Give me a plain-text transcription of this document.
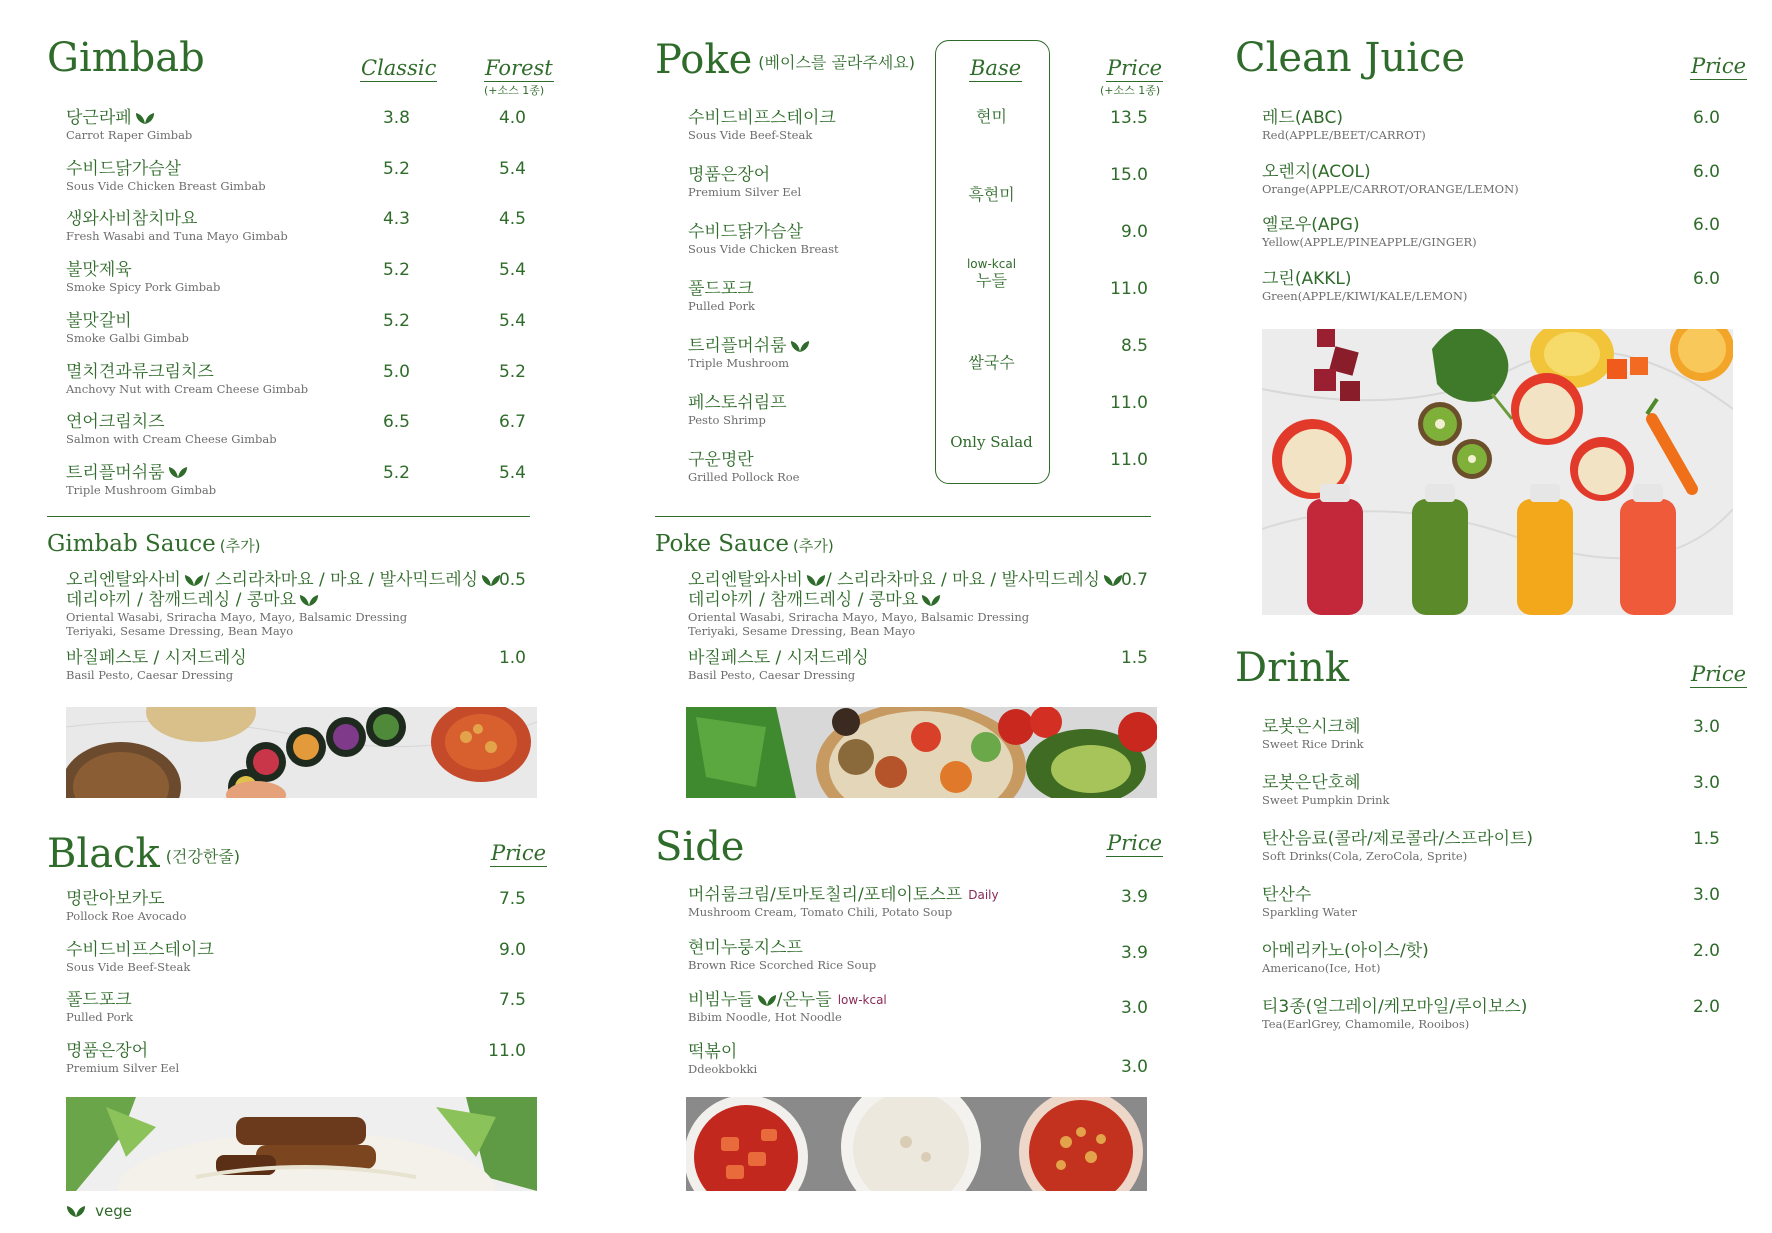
Gimbab	Classic Forest
(+소스 1종)
당근라페
Carrot Raper Gimbab
3.8	4.0
수비드닭가슴살
Sous Vide Chicken Breast Gimbab
5.2	5.4
생와사비참치마요
Fresh Wasabi and Tuna Mayo Gimbab
4.3	4.5
불맛제육
Smoke Spicy Pork Gimbab
5.2	5.4
불맛갈비
Smoke Galbi Gimbab
5.2	5.4
멸치견과류크림치즈
Anchovy Nut with Cream Cheese Gimbab
5.0	5.2
연어크림치즈
Salmon with Cream Cheese Gimbab
6.5	6.7
트리플머쉬룸
Triple Mushroom Gimbab
5.2	5.4
Gimbab Sauce (추가)
오리엔탈와사비 / 스리라차마요 / 마요 / 발사믹드레싱
데리야끼 / 참깨드레싱 / 콩마요
Oriental Wasabi, Sriracha Mayo, Mayo, Balsamic Dressing
Teriyaki, Sesame Dressing, Bean Mayo
0.5
바질페스토 / 시저드레싱
Basil Pesto, Caesar Dressing
1.0
Black (건강한줄)	Price
명란아보카도
Pollock Roe Avocado
7.5
수비드비프스테이크
Sous Vide Beef-Steak
9.0
풀드포크
Pulled Pork
7.5
명품은장어
Premium Silver Eel
11.0
vege
Poke (베이스를 골라주세요)	Base	Price
(+소스 1종)
현미
흑현미
low-kcal
누들
쌀국수
Only Salad
수비드비프스테이크
Sous Vide Beef-Steak
13.5
명품은장어
Premium Silver Eel
15.0
수비드닭가슴살
Sous Vide Chicken Breast
9.0
풀드포크
Pulled Pork
11.0
트리플머쉬룸
Triple Mushroom
8.5
페스토쉬림프
Pesto Shrimp
11.0
구운명란
Grilled Pollock Roe
11.0
Poke Sauce (추가)
오리엔탈와사비 / 스리라차마요 / 마요 / 발사믹드레싱
데리야끼 / 참깨드레싱 / 콩마요
Oriental Wasabi, Sriracha Mayo, Mayo, Balsamic Dressing
Teriyaki, Sesame Dressing, Bean Mayo
0.7
바질페스토 / 시저드레싱
Basil Pesto, Caesar Dressing
1.5
Side	Price
머쉬룸크림/토마토칠리/포테이토스프 $^{Daily}$
Mushroom Cream, Tomato Chili, Potato Soup
3.9
현미누룽지스프
Brown Rice Scorched Rice Soup
3.9
비빔누들 /온누들 $^{low-kcal}$
Bibim Noodle, Hot Noodle	3.0
떡볶이
Ddeokbokki	3.0
Clean Juice	Price
레드(ABC)
Red(APPLE/BEET/CARROT)
6.0
오렌지(ACOL)
Orange(APPLE/CARROT/ORANGE/LEMON)
6.0
옐로우(APG)
Yellow(APPLE/PINEAPPLE/GINGER)
6.0
그린(AKKL)
Green(APPLE/KIWI/KALE/LEMON)
6.0
Drink	Price
로봇은시크혜
Sweet Rice Drink
3.0
로봇은단호혜
Sweet Pumpkin Drink
3.0
탄산음료(콜라/제로콜라/스프라이트)
Soft Drinks(Cola, ZeroCola, Sprite)
1.5
탄산수
Sparkling Water
3.0
아메리카노(아이스/핫)
Americano(Ice, Hot)
2.0
티3종(얼그레이/케모마일/루이보스)
Tea(EarlGrey, Chamomile, Rooibos)
2.0
